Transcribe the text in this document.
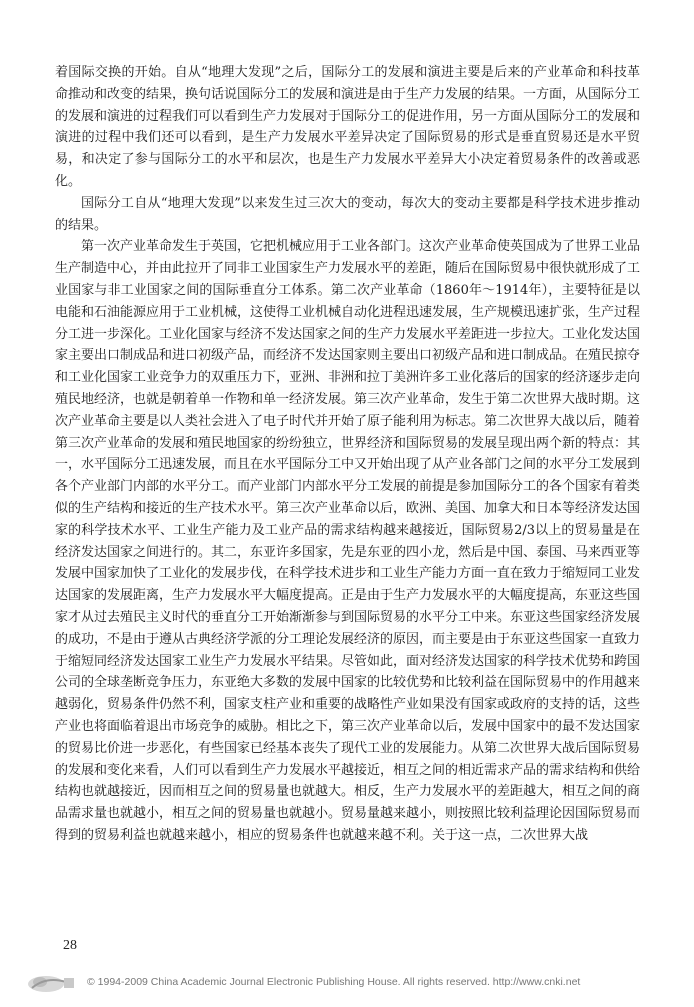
着国际交换的开始。自从“地理大发现”之后，国际分工的发展和演进主要是后来的产业革命和科技革命推动和改变的结果，换句话说国际分工的发展和演进是由于生产力发展的结果。一方面，从国际分工的发展和演进的过程我们可以看到生产力发展对于国际分工的促进作用，另一方面从国际分工的发展和演进的过程中我们还可以看到，是生产力发展水平差异决定了国际贸易的形式是垂直贸易还是水平贸易，和决定了参与国际分工的水平和层次，也是生产力发展水平差异大小决定着贸易条件的改善或恶化。

国际分工自从“地理大发现”以来发生过三次大的变动，每次大的变动主要都是科学技术进步推动的结果。

第一次产业革命发生于英国，它把机械应用于工业各部门。这次产业革命使英国成为了世界工业品生产制造中心，并由此拉开了同非工业国家生产力发展水平的差距，随后在国际贸易中很快就形成了工业国家与非工业国家之间的国际垂直分工体系。第二次产业革命（1860年～1914年），主要特征是以电能和石油能源应用于工业机械，这使得工业机械自动化进程迅速发展，生产规模迅速扩张，生产过程分工进一步深化。工业化国家与经济不发达国家之间的生产力发展水平差距进一步拉大。工业化发达国家主要出口制成品和进口初级产品，而经济不发达国家则主要出口初级产品和进口制成品。在殖民掠夺和工业化国家工业竞争力的双重压力下，亚洲、非洲和拉丁美洲许多工业化落后的国家的经济逐步走向殖民地经济，也就是朝着单一作物和单一经济发展。第三次产业革命，发生于第二次世界大战时期。这次产业革命主要是以人类社会进入了电子时代并开始了原子能利用为标志。第二次世界大战以后，随着第三次产业革命的发展和殖民地国家的纷纷独立，世界经济和国际贸易的发展呈现出两个新的特点：其一，水平国际分工迅速发展，而且在水平国际分工中又开始出现了从产业各部门之间的水平分工发展到各个产业部门内部的水平分工。而产业部门内部水平分工发展的前提是参加国际分工的各个国家有着类似的生产结构和接近的生产技术水平。第三次产业革命以后，欧洲、美国、加拿大和日本等经济发达国家的科学技术水平、工业生产能力及工业产品的需求结构越来越接近，国际贸易2/3以上的贸易量是在经济发达国家之间进行的。其二，东亚许多国家，先是东亚的四小龙，然后是中国、泰国、马来西亚等发展中国家加快了工业化的发展步伐，在科学技术进步和工业生产能力方面一直在致力于缩短同工业发达国家的发展距离，生产力发展水平大幅度提高。正是由于生产力发展水平的大幅度提高，东亚这些国家才从过去殖民主义时代的垂直分工开始渐渐参与到国际贸易的水平分工中来。东亚这些国家经济发展的成功，不是由于遵从古典经济学派的分工理论发展经济的原因，而主要是由于东亚这些国家一直致力于缩短同经济发达国家工业生产力发展水平结果。尽管如此，面对经济发达国家的科学技术优势和跨国公司的全球垄断竞争压力，东亚绝大多数的发展中国家的比较优势和比较利益在国际贸易中的作用越来越弱化，贸易条件仍然不利，国家支柱产业和重要的战略性产业如果没有国家或政府的支持的话，这些产业也将面临着退出市场竞争的威胁。相比之下，第三次产业革命以后，发展中国家中的最不发达国家的贸易比价进一步恶化，有些国家已经基本丧失了现代工业的发展能力。从第二次世界大战后国际贸易的发展和变化来看，人们可以看到生产力发展水平越接近，相互之间的相近需求产品的需求结构和供给结构也就越接近，因而相互之间的贸易量也就越大。相反，生产力发展水平的差距越大，相互之间的商品需求量也就越小，相互之间的贸易量也就越小。贸易量越来越小，则按照比较利益理论因国际贸易而得到的贸易利益也就越来越小，相应的贸易条件也就越来越不利。关于这一点，二次世界大战

28
© 1994-2009 China Academic Journal Electronic Publishing House. All rights reserved. http://www.cnki.net
